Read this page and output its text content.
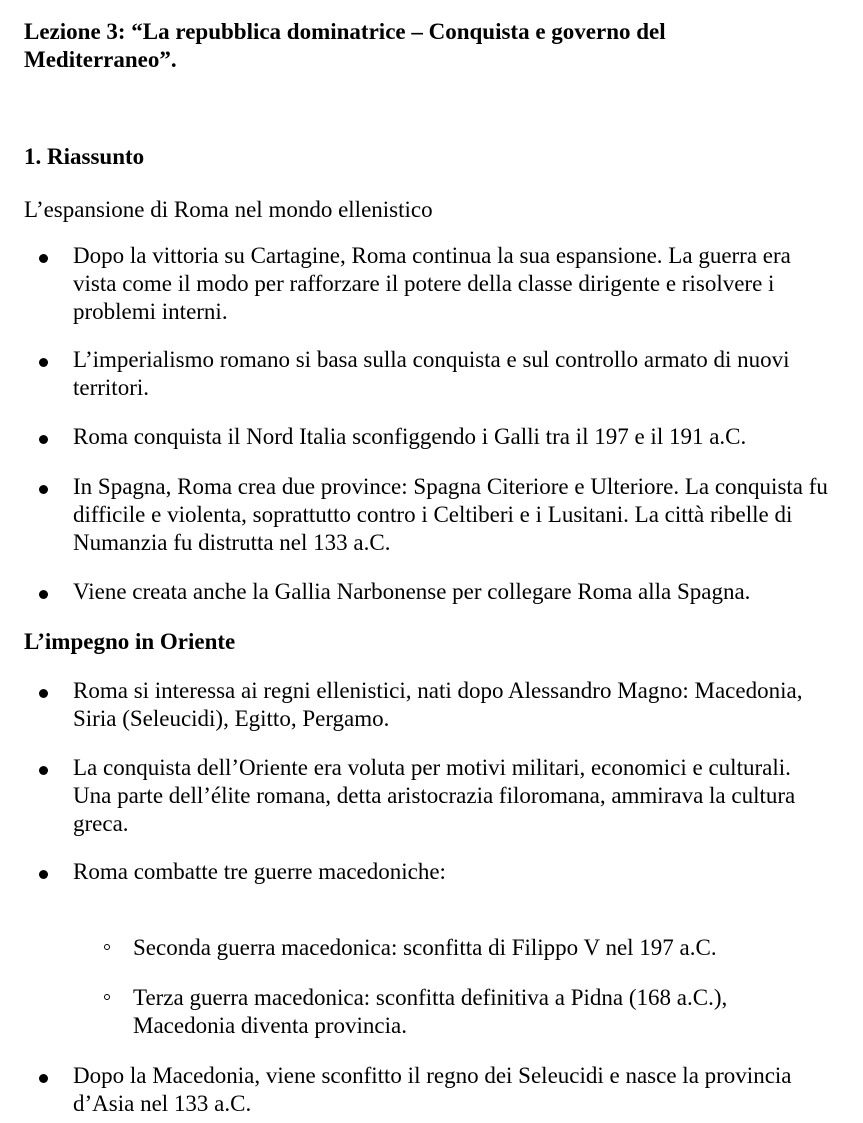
Lezione 3: “La repubblica dominatrice – Conquista e governo del Mediterraneo”.
1. Riassunto
L’espansione di Roma nel mondo ellenistico
Dopo la vittoria su Cartagine, Roma continua la sua espansione. La guerra era vista come il modo per rafforzare il potere della classe dirigente e risolvere i problemi interni.
L’imperialismo romano si basa sulla conquista e sul controllo armato di nuovi territori.
Roma conquista il Nord Italia sconfiggendo i Galli tra il 197 e il 191 a.C.
In Spagna, Roma crea due province: Spagna Citeriore e Ulteriore. La conquista fu difficile e violenta, soprattutto contro i Celtiberi e i Lusitani. La città ribelle di Numanzia fu distrutta nel 133 a.C.
Viene creata anche la Gallia Narbonense per collegare Roma alla Spagna.
L’impegno in Oriente
Roma si interessa ai regni ellenistici, nati dopo Alessandro Magno: Macedonia, Siria (Seleucidi), Egitto, Pergamo.
La conquista dell’Oriente era voluta per motivi militari, economici e culturali. Una parte dell’élite romana, detta aristocrazia filoromana, ammirava la cultura greca.
Roma combatte tre guerre macedoniche:
Seconda guerra macedonica: sconfitta di Filippo V nel 197 a.C.
Terza guerra macedonica: sconfitta definitiva a Pidna (168 a.C.), Macedonia diventa provincia.
Dopo la Macedonia, viene sconfitto il regno dei Seleucidi e nasce la provincia d’Asia nel 133 a.C.
